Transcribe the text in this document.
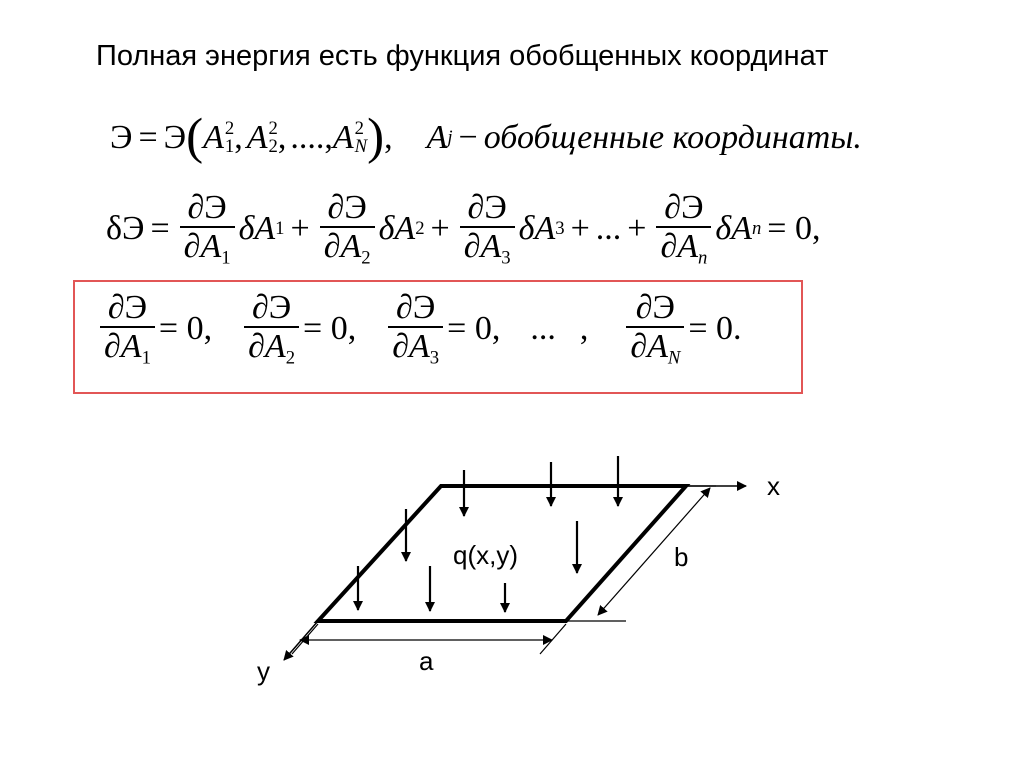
Полная энергия есть функция обобщенных координат
Э = Э ( A 2
1 , A 2
2 , ...., A 2
N ) , A j − обобщенные координаты.
$\delta Э = \frac{\partial Э}{\partial A_1}$ δA $1 + \frac{\partial Э}{\partial A_2}$ δA $2 + \frac{\partial Э}{\partial A_3}$ δA 3 + ... + $\frac{\partial Э}{\partial A_n}$ δA n = 0,
$\frac{\partial Э}{\partial A_1} = 0$, $\frac{\partial Э}{\partial A_2} = 0$, $\frac{\partial Э}{\partial A_3} = 0$, ... , $\frac{\partial Э}{\partial A_N} = 0$.
x
y	a
b
q(x,y)
